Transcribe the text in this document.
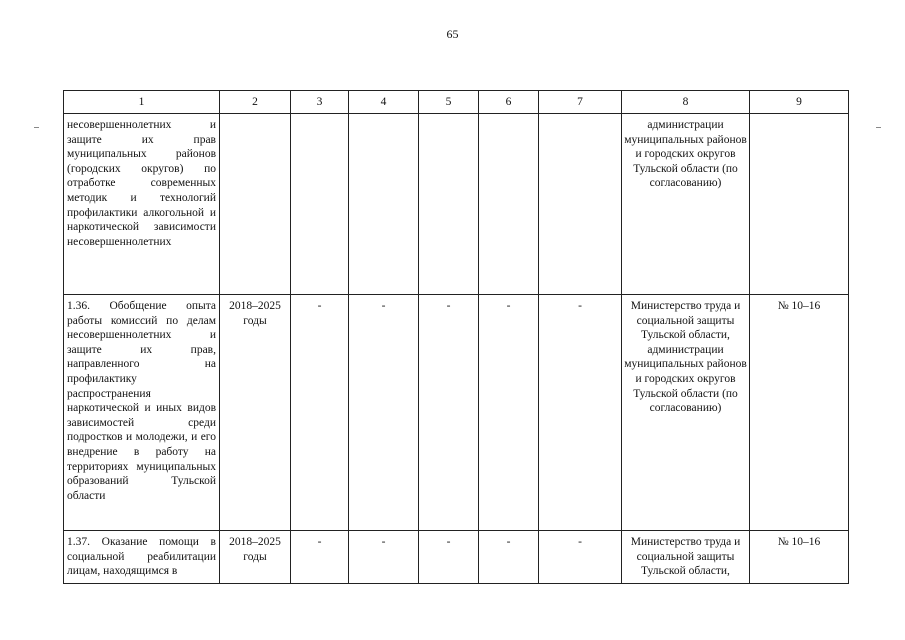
65
1	2	3	4	5	6	7	8	9

несовершеннолетних и защите их прав муниципальных районов (городских округов) по отработке современных методик и технологий профилактики алкогольной и наркотической зависимости несовершеннолетних							администрации муниципальных районов и городских округов Тульской области (по согласованию)	

1.36. Обобщение опыта работы комиссий по делам несовершеннолетних и защите их прав, направленного на профилактику распространения наркотической и иных видов зависимостей среди подростков и молодежи, и его внедрение в работу на территориях муниципальных образований Тульской области	2018–2025 годы	-	-	-	-	-	Министерство труда и социальной защиты Тульской области, администрации муниципальных районов и городских округов Тульской области (по согласованию)	№ 10–16

1.37. Оказание помощи в социальной реабилитации лицам, находящимся в	2018–2025 годы	-	-	-	-	-	Министерство труда и социальной защиты Тульской области,	№ 10–16
